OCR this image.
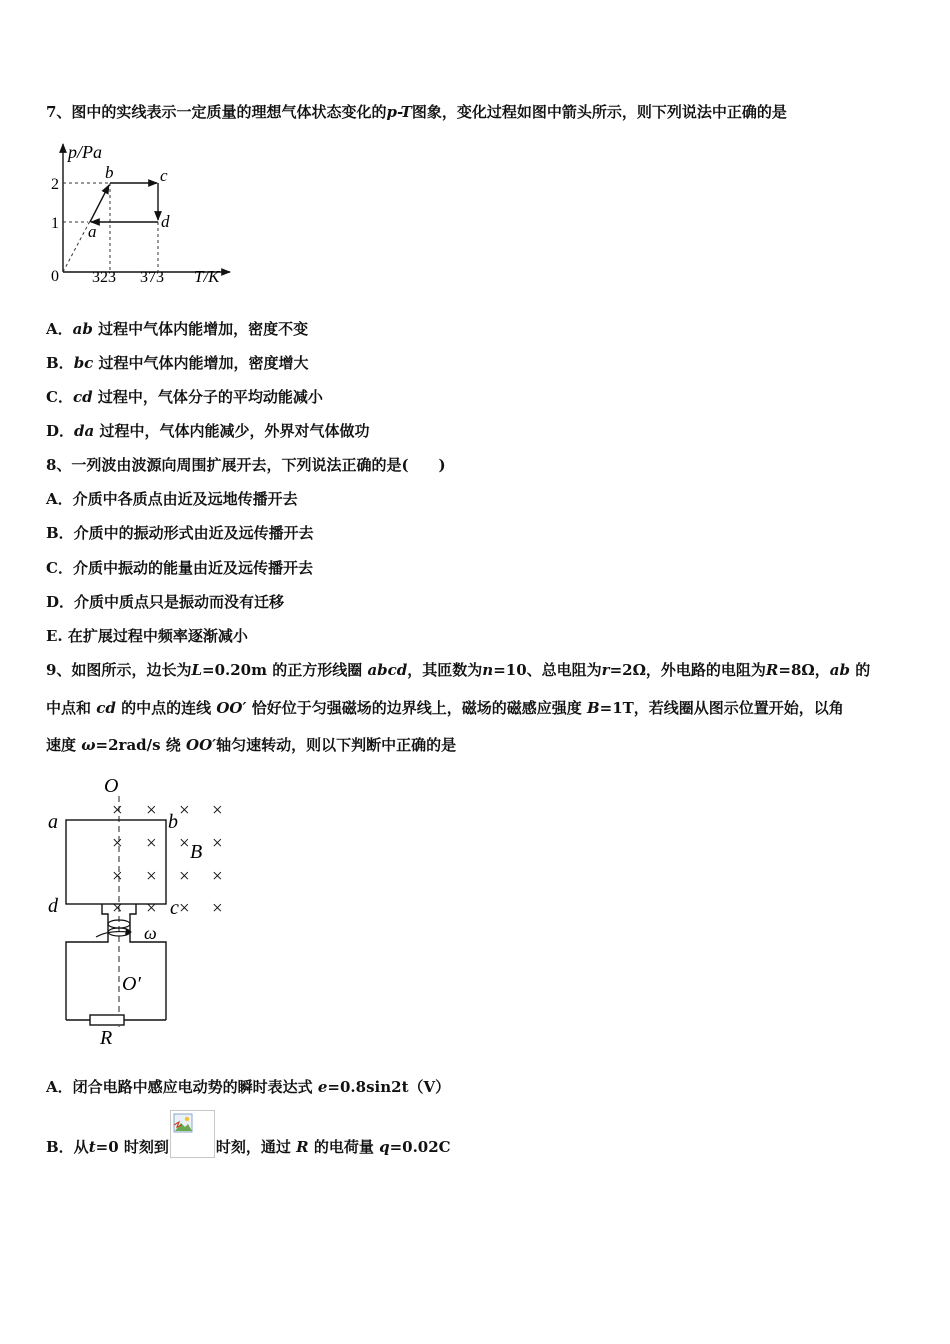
7、图中的实线表示一定质量的理想气体状态变化的p-T图象，变化过程如图中箭头所示，则下列说法中正确的是
p/Pa
T/K
0
1
2
323 373
a
b	c
d
A．ab 过程中气体内能增加，密度不变
B．bc 过程中气体内能增加，密度增大
C．cd 过程中，气体分子的平均动能减小
D．da 过程中，气体内能减少，外界对气体做功
8、一列波由波源向周围扩展开去，下列说法正确的是(　　)
A．介质中各质点由近及远地传播开去
B．介质中的振动形式由近及远传播开去
C．介质中振动的能量由近及远传播开去
D．介质中质点只是振动而没有迁移
E. 在扩展过程中频率逐渐减小
9、如图所示，边长为L=0.20m 的正方形线圈 abcd，其匝数为n=10、总电阻为r=2Ω，外电路的电阻为R=8Ω，ab 的
中点和 cd 的中点的连线 OO′ 恰好位于匀强磁场的边界线上，磁场的磁感应强度 B=1T，若线圈从图示位置开始，以角
速度 ω=2rad/s 绕 OO′轴匀速转动，则以下判断中正确的是
× × × ×
× × × ×
× × × ×
× × × ×
O
a	b
B
d	c
ω
O′
R
A．闭合电路中感应电动势的瞬时表达式 e=0.8sin2t（V）
B．从t=0 时刻到	时刻，通过 R 的电荷量 q=0.02C
